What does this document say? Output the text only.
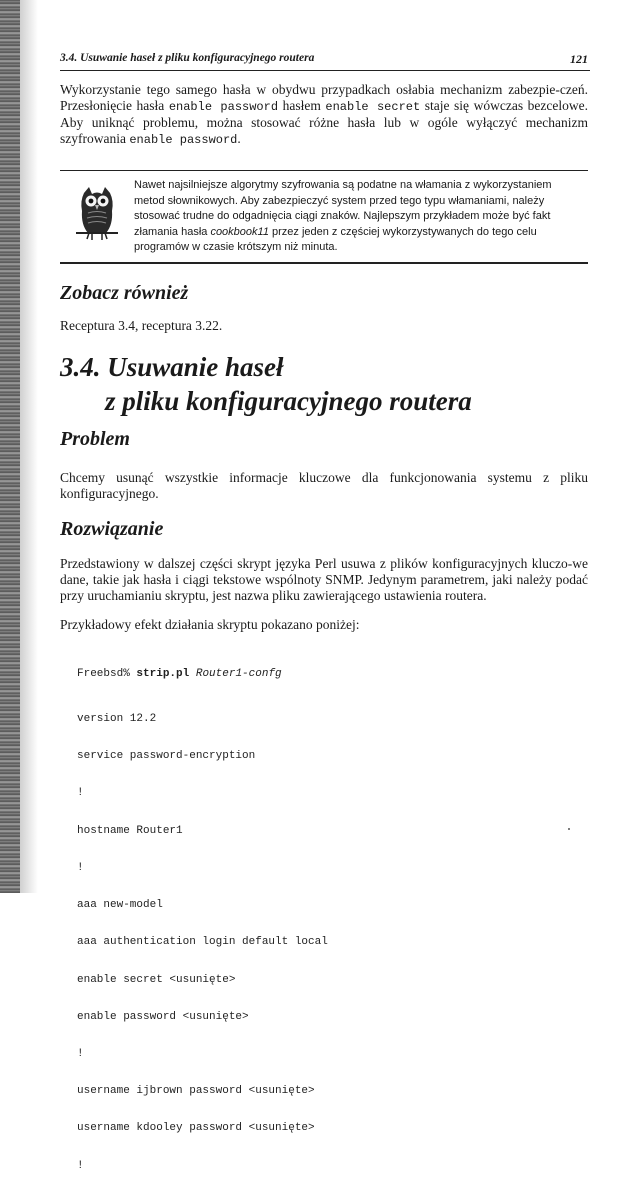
3.4. Usuwanie haseł z pliku konfiguracyjnego routera	121

Wykorzystanie tego samego hasła w obydwu przypadkach osłabia mechanizm zabezpie-czeń. Przesłonięcie hasła enable password hasłem enable secret staje się wówczas bezcelowe. Aby uniknąć problemu, można stosować różne hasła lub w ogóle wyłączyć mechanizm szyfrowania enable password.

Nawet najsilniejsze algorytmy szyfrowania są podatne na włamania z wykorzystaniem metod słownikowych. Aby zabezpieczyć system przed tego typu włamaniami, należy stosować trudne do odgadnięcia ciągi znaków. Najlepszym przykładem może być fakt złamania hasła cookbook11 przez jeden z częściej wykorzystywanych do tego celu programów w czasie krótszym niż minuta.

Zobacz również

Receptura 3.4, receptura 3.22.

3.4. Usuwanie haseł
z pliku konfiguracyjnego routera
Problem

Chcemy usunąć wszystkie informacje kluczowe dla funkcjonowania systemu z pliku konfiguracyjnego.

Rozwiązanie

Przedstawiony w dalszej części skrypt języka Perl usuwa z plików konfiguracyjnych kluczo-we dane, takie jak hasła i ciągi tekstowe wspólnoty SNMP. Jedynym parametrem, jaki należy podać przy uruchamianiu skryptu, jest nazwa pliku zawierającego ustawienia routera.

Przykładowy efekt działania skryptu pokazano poniżej:

Freebsd% strip.pl Router1-confg

version 12.2

service password-encryption

!

hostname Router1

!

aaa new-model

aaa authentication login default local

enable secret <usunięte>

enable password <usunięte>

!

username ijbrown password <usunięte>

username kdooley password <usunięte>

!
